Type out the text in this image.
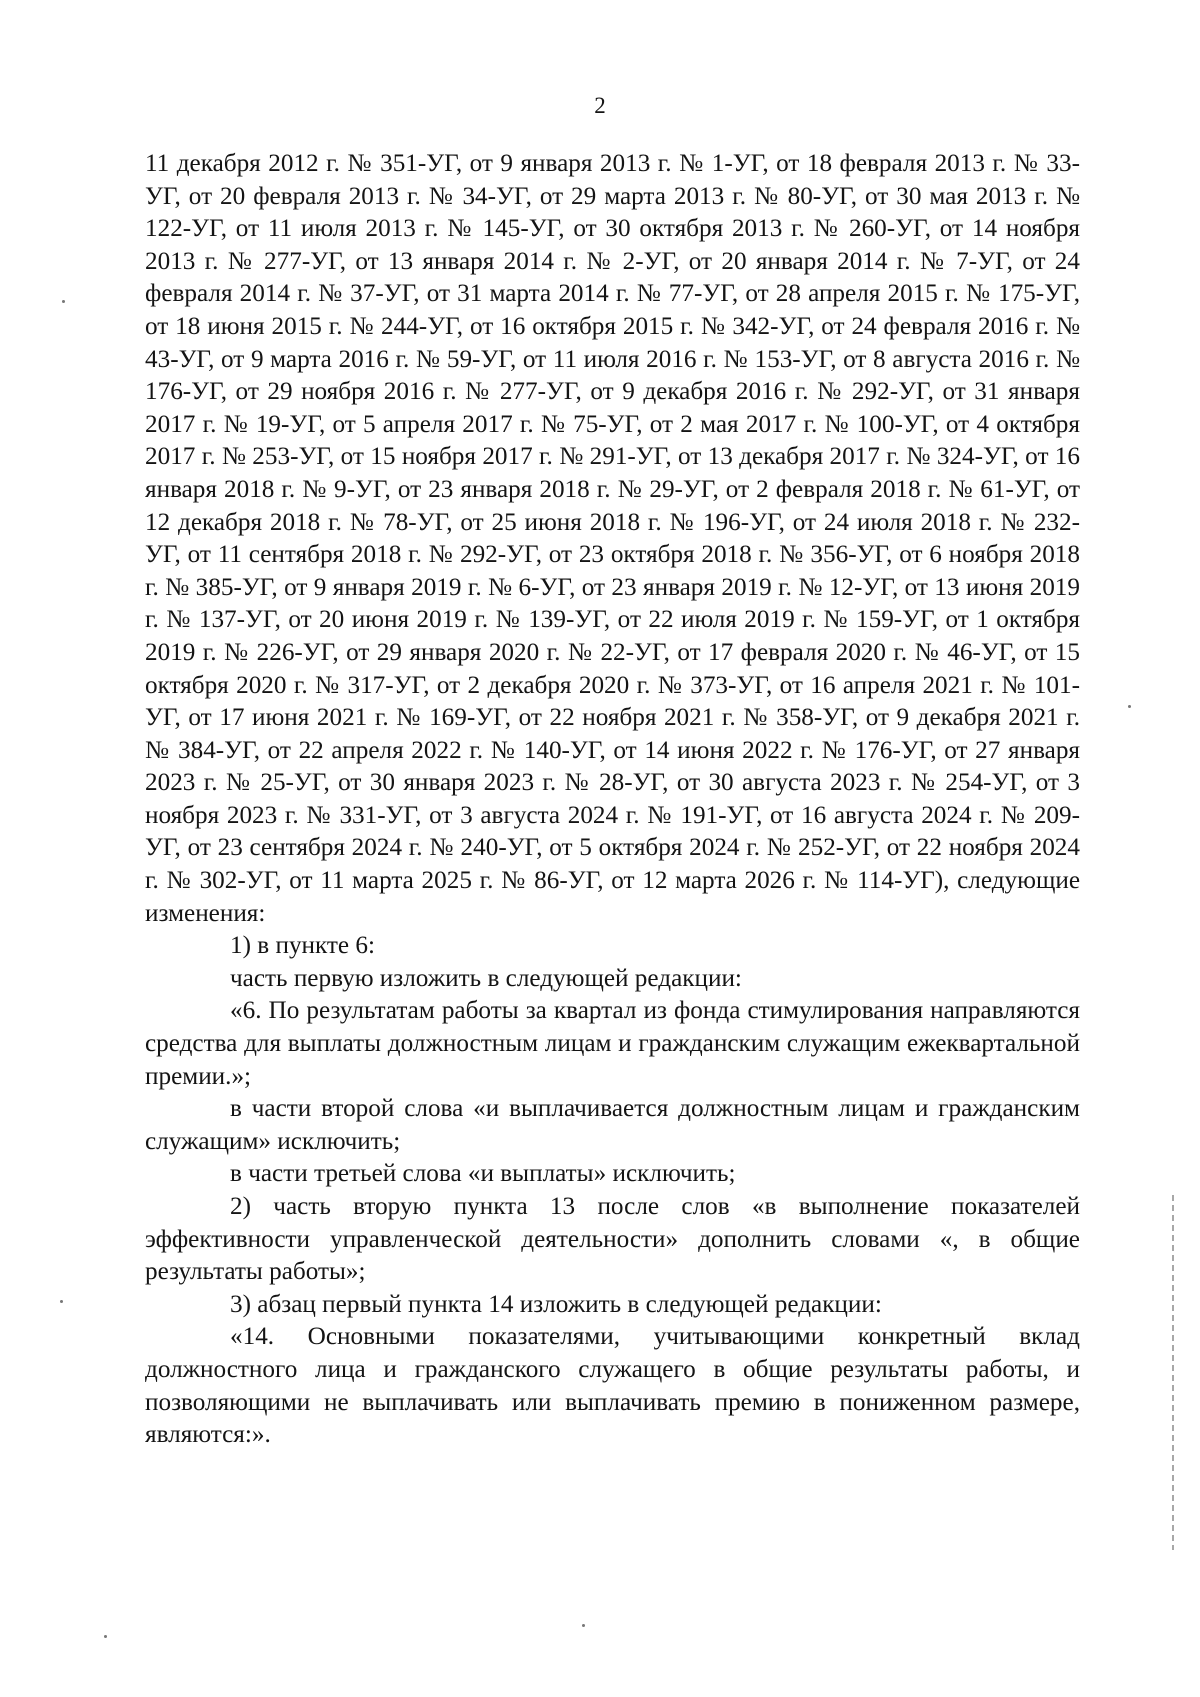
2

11 декабря 2012 г. № 351-УГ, от 9 января 2013 г. № 1-УГ, от 18 февраля 2013 г. № 33-УГ, от 20 февраля 2013 г. № 34-УГ, от 29 марта 2013 г. № 80-УГ, от 30 мая 2013 г. № 122-УГ, от 11 июля 2013 г. № 145-УГ, от 30 октября 2013 г. № 260-УГ, от 14 ноября 2013 г. № 277-УГ, от 13 января 2014 г. № 2-УГ, от 20 января 2014 г. № 7-УГ, от 24 февраля 2014 г. № 37-УГ, от 31 марта 2014 г. № 77-УГ, от 28 апреля 2015 г. № 175-УГ, от 18 июня 2015 г. № 244-УГ, от 16 октября 2015 г. № 342-УГ, от 24 февраля 2016 г. № 43-УГ, от 9 марта 2016 г. № 59-УГ, от 11 июля 2016 г. № 153-УГ, от 8 августа 2016 г. № 176-УГ, от 29 ноября 2016 г. № 277-УГ, от 9 декабря 2016 г. № 292-УГ, от 31 января 2017 г. № 19-УГ, от 5 апреля 2017 г. № 75-УГ, от 2 мая 2017 г. № 100-УГ, от 4 октября 2017 г. № 253-УГ, от 15 ноября 2017 г. № 291-УГ, от 13 декабря 2017 г. № 324-УГ, от 16 января 2018 г. № 9-УГ, от 23 января 2018 г. № 29-УГ, от 2 февраля 2018 г. № 61-УГ, от 12 декабря 2018 г. № 78-УГ, от 25 июня 2018 г. № 196-УГ, от 24 июля 2018 г. № 232-УГ, от 11 сентября 2018 г. № 292-УГ, от 23 октября 2018 г. № 356-УГ, от 6 ноября 2018 г. № 385-УГ, от 9 января 2019 г. № 6-УГ, от 23 января 2019 г. № 12-УГ, от 13 июня 2019 г. № 137-УГ, от 20 июня 2019 г. № 139-УГ, от 22 июля 2019 г. № 159-УГ, от 1 октября 2019 г. № 226-УГ, от 29 января 2020 г. № 22-УГ, от 17 февраля 2020 г. № 46-УГ, от 15 октября 2020 г. № 317-УГ, от 2 декабря 2020 г. № 373-УГ, от 16 апреля 2021 г. № 101-УГ, от 17 июня 2021 г. № 169-УГ, от 22 ноября 2021 г. № 358-УГ, от 9 декабря 2021 г. № 384-УГ, от 22 апреля 2022 г. № 140-УГ, от 14 июня 2022 г. № 176-УГ, от 27 января 2023 г. № 25-УГ, от 30 января 2023 г. № 28-УГ, от 30 августа 2023 г. № 254-УГ, от 3 ноября 2023 г. № 331-УГ, от 3 августа 2024 г. № 191-УГ, от 16 августа 2024 г. № 209-УГ, от 23 сентября 2024 г. № 240-УГ, от 5 октября 2024 г. № 252-УГ, от 22 ноября 2024 г. № 302-УГ, от 11 марта 2025 г. № 86-УГ, от 12 марта 2026 г. № 114-УГ), следующие изменения:

1) в пункте 6:

часть первую изложить в следующей редакции:

«6. По результатам работы за квартал из фонда стимулирования направляются средства для выплаты должностным лицам и гражданским служащим ежеквартальной премии.»;

в части второй слова «и выплачивается должностным лицам и гражданским служащим» исключить;

в части третьей слова «и выплаты» исключить;

2) часть вторую пункта 13 после слов «в выполнение показателей эффективности управленческой деятельности» дополнить словами «, в общие результаты работы»;

3) абзац первый пункта 14 изложить в следующей редакции:

«14. Основными показателями, учитывающими конкретный вклад должностного лица и гражданского служащего в общие результаты работы, и позволяющими не выплачивать или выплачивать премию в пониженном размере, являются:».
